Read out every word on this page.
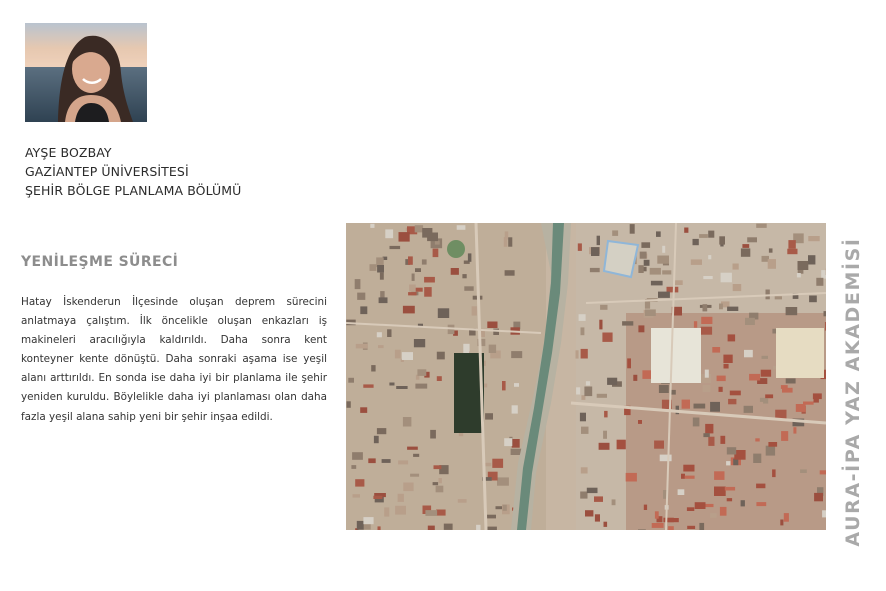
AYŞE BOZBAY
GAZİANTEP ÜNİVERSİTESİ
ŞEHİR BÖLGE PLANLAMA BÖLÜMÜ
YENİLEŞME SÜRECİ
Hatay İskenderun İlçesinde oluşan deprem sürecini anlatmaya çalıştım. İlk öncelikle oluşan enkazları iş makineleri aracılığıyla kaldırıldı. Daha sonra kent konteyner kente dönüştü. Daha sonraki aşama ise yeşil alanı arttırıldı. En sonda ise daha iyi bir planlama ile şehir yeniden kuruldu. Böylelikle daha iyi planlaması olan daha fazla yeşil alana sahip yeni bir şehir inşaa edildi.	AURA-İPA YAZ AKADEMİSİ
